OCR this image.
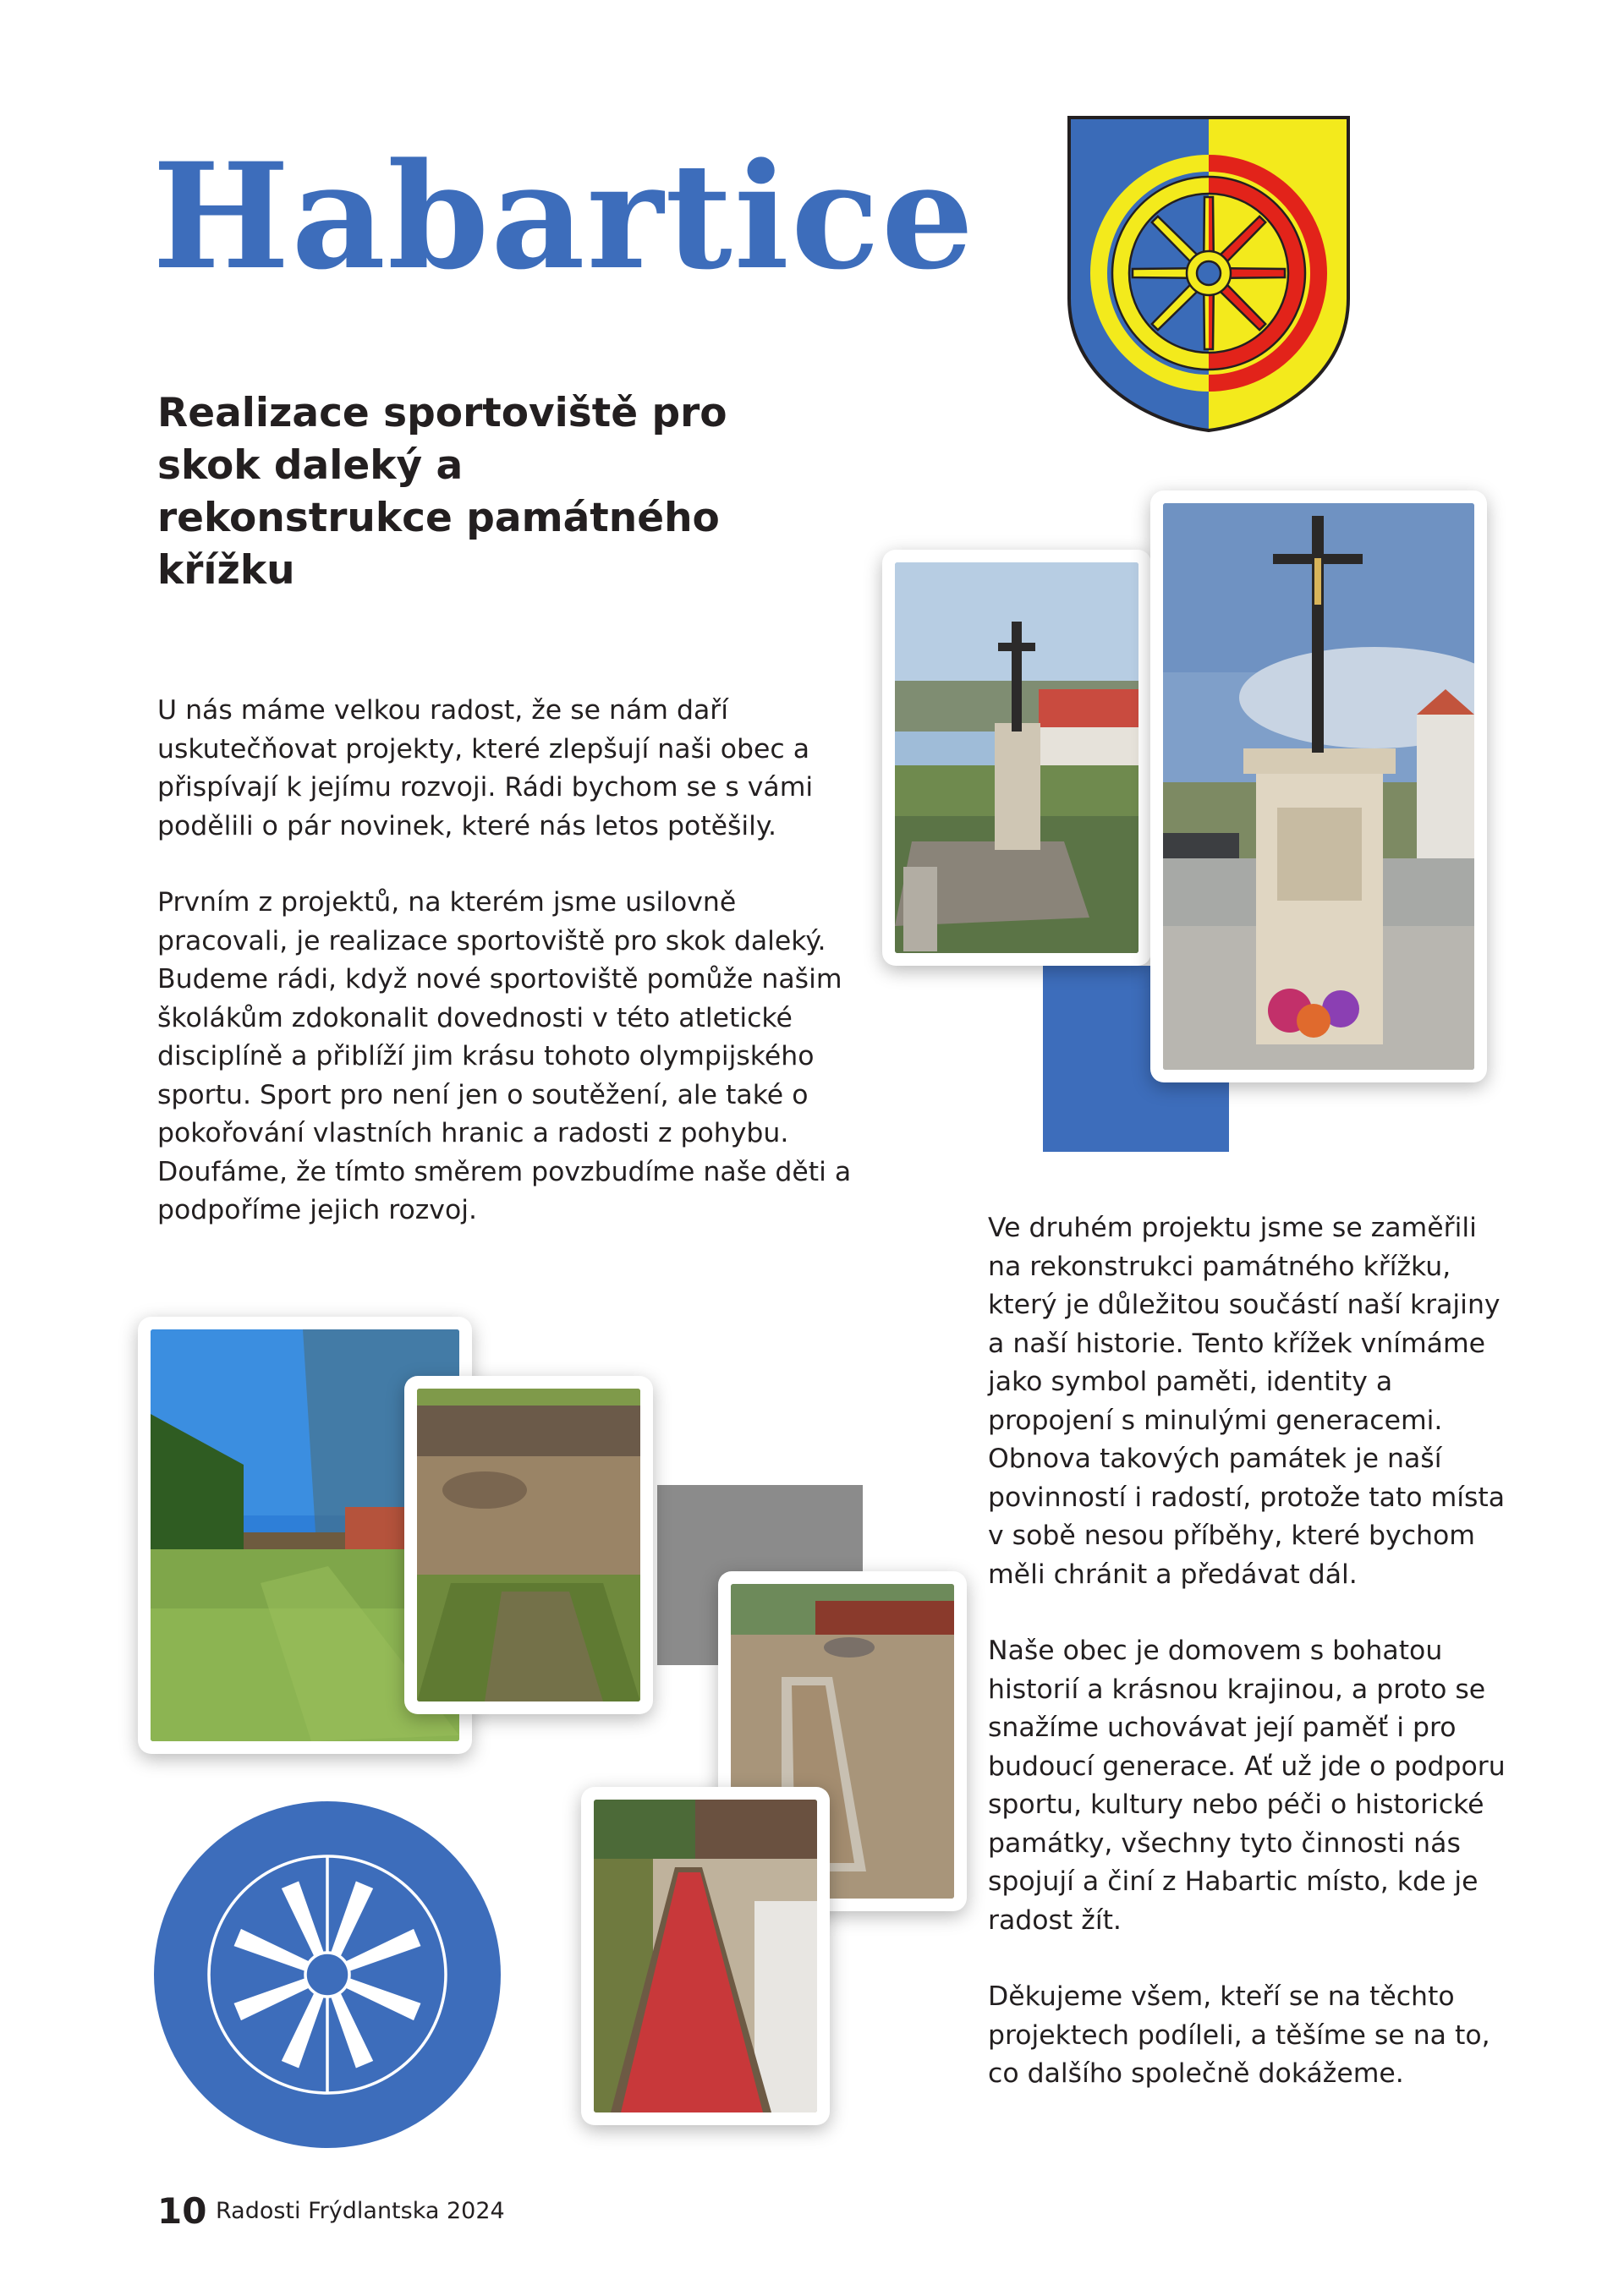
Habartice
Realizace sportoviště pro skok daleký a rekonstrukce památného křížku

U nás máme velkou radost, že se nám daří uskutečňovat projekty, které zlepšují naši obec a přispívají k jejímu rozvoji. Rádi bychom se s vámi podělili o pár novinek, které nás letos potěšily.

Prvním z projektů, na kterém jsme usilovně pracovali, je realizace sportoviště pro skok daleký. Budeme rádi, když nové sportoviště pomůže našim školákům zdokonalit dovednosti v této atletické disciplíně a přiblíží jim krásu tohoto olympijského sportu. Sport pro není jen o soutěžení, ale také o pokořování vlastních hranic a radosti z pohybu. Doufáme, že tímto směrem povzbudíme naše děti a podpoříme jejich rozvoj.

Ve druhém projektu jsme se zaměřili na rekonstrukci památného křížku, který je důležitou součástí naší krajiny a naší historie. Tento křížek vnímáme jako symbol paměti, identity a propojení s minulými generacemi. Obnova takových památek je naší povinností i radostí, protože tato místa v sobě nesou příběhy, které bychom měli chránit a předávat dál.

Naše obec je domovem s bohatou historií a krásnou krajinou, a proto se snažíme uchovávat její paměť i pro budoucí generace. Ať už jde o podporu sportu, kultury nebo péči o historické památky, všechny tyto činnosti nás spojují a činí z Habartic místo, kde je radost žít.

Děkujeme všem, kteří se na těchto projektech podíleli, a těšíme se na to, co dalšího společně dokážeme.

10 Radosti Frýdlantska 2024
